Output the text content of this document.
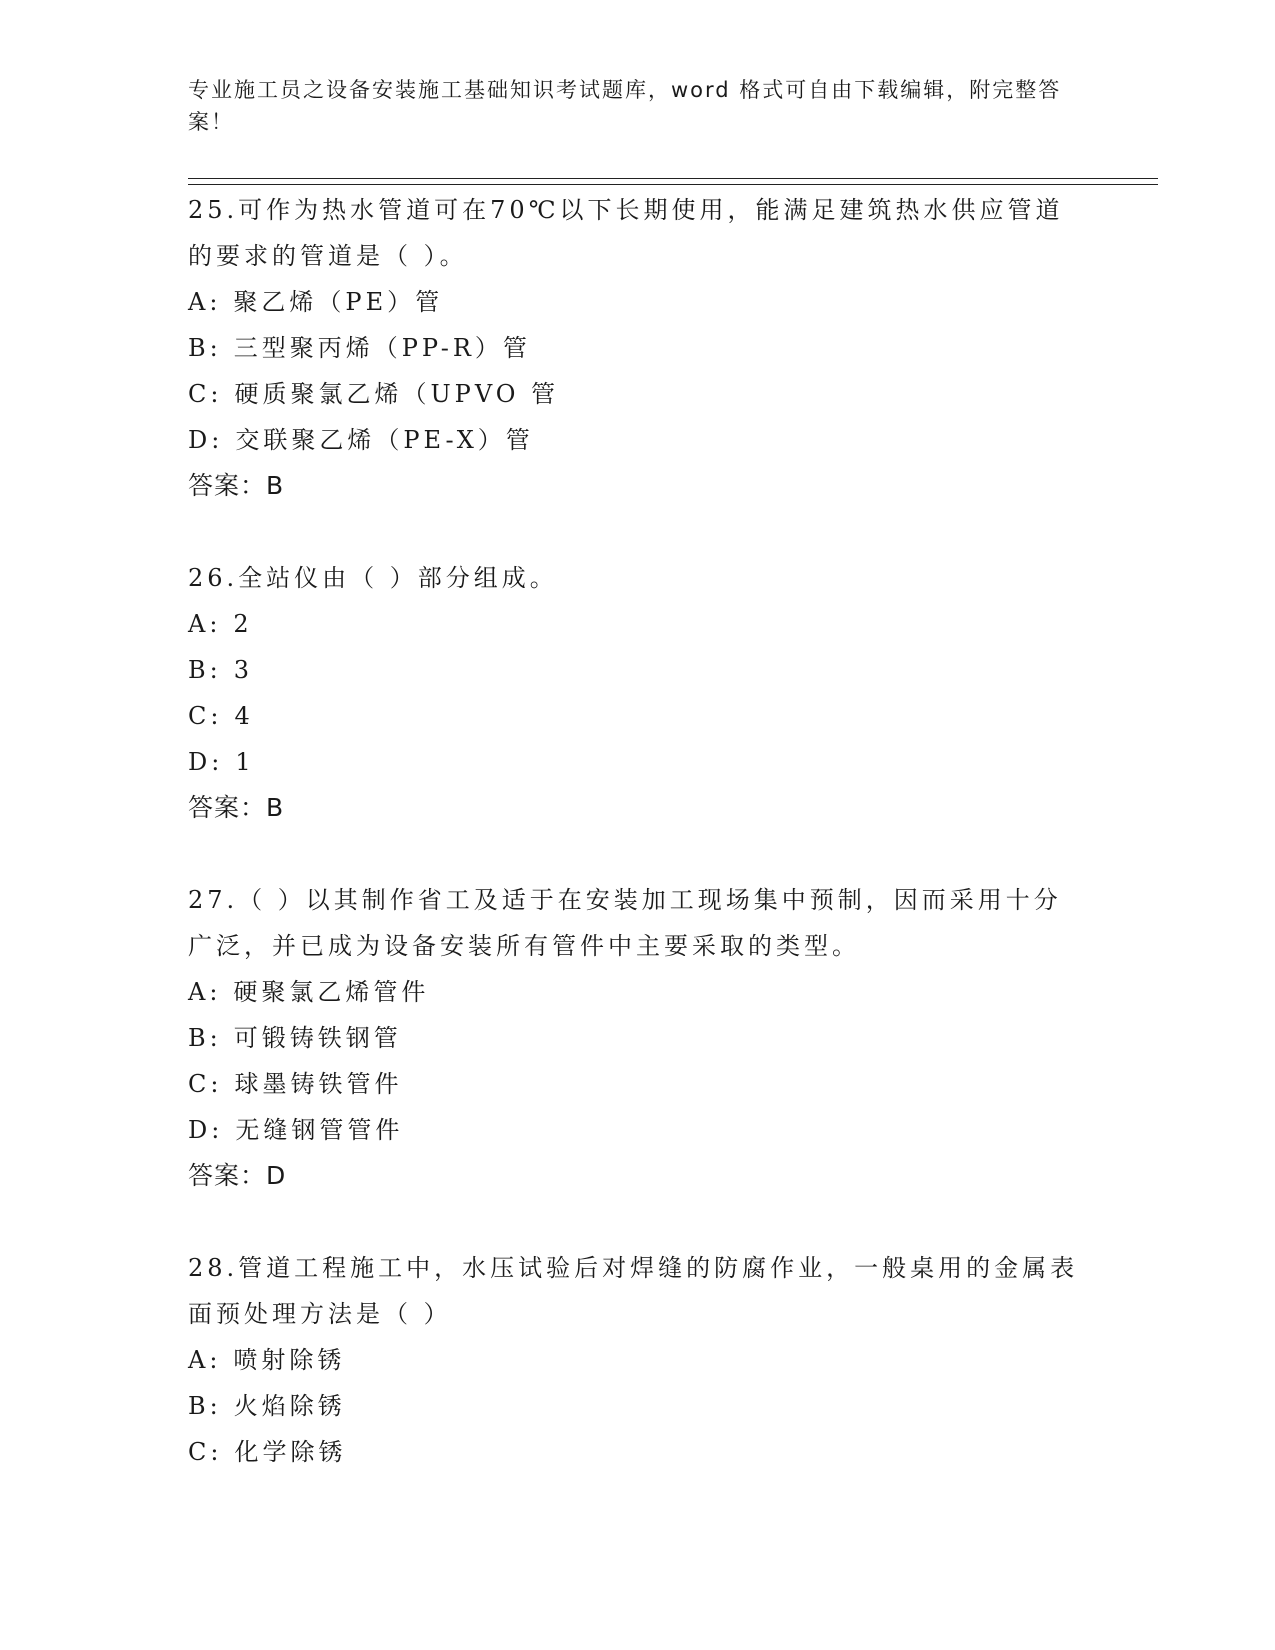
专业施工员之设备安装施工基础知识考试题库，word 格式可自由下载编辑，附完整答案！
25.可作为热水管道可在70℃以下长期使用，能满足建筑热水供应管道的要求的管道是（ ）。
A: 聚乙烯（PE）管
B: 三型聚丙烯（PP-R）管
C: 硬质聚氯乙烯（UPVO 管
D: 交联聚乙烯（PE-X）管
答案：B
26.全站仪由（ ）部分组成。
A: 2
B: 3
C: 4
D: 1
答案：B
27.（ ）以其制作省工及适于在安装加工现场集中预制，因而采用十分广泛，并已成为设备安装所有管件中主要采取的类型。
A: 硬聚氯乙烯管件
B: 可锻铸铁钢管
C: 球墨铸铁管件
D: 无缝钢管管件
答案：D
28.管道工程施工中，水压试验后对焊缝的防腐作业，一般桌用的金属表面预处理方法是（ ）
A: 喷射除锈
B: 火焰除锈
C: 化学除锈
